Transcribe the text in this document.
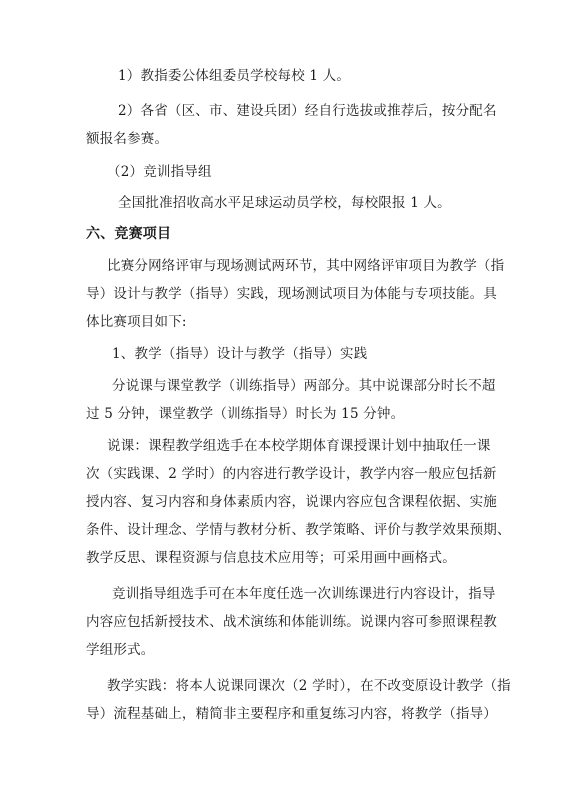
1）教指委公体组委员学校每校 1 人。
2）各省（区、市、建设兵团）经自行选拔或推荐后，按分配名
额报名参赛。
（2）竞训指导组
全国批准招收高水平足球运动员学校，每校限报 1 人。
六、竞赛项目
比赛分网络评审与现场测试两环节，其中网络评审项目为教学（指
导）设计与教学（指导）实践，现场测试项目为体能与专项技能。具
体比赛项目如下:
1、教学（指导）设计与教学（指导）实践
分说课与课堂教学（训练指导）两部分。其中说课部分时长不超
过 5 分钟，课堂教学（训练指导）时长为 15 分钟。
说课：课程教学组选手在本校学期体育课授课计划中抽取任一课
次（实践课、2 学时）的内容进行教学设计，教学内容一般应包括新
授内容、复习内容和身体素质内容，说课内容应包含课程依据、实施
条件、设计理念、学情与教材分析、教学策略、评价与教学效果预期、
教学反思、课程资源与信息技术应用等；可采用画中画格式。
竞训指导组选手可在本年度任选一次训练课进行内容设计，指导
内容应包括新授技术、战术演练和体能训练。说课内容可参照课程教
学组形式。
教学实践：将本人说课同课次（2 学时），在不改变原设计教学（指
导）流程基础上，精简非主要程序和重复练习内容，将教学（指导）
